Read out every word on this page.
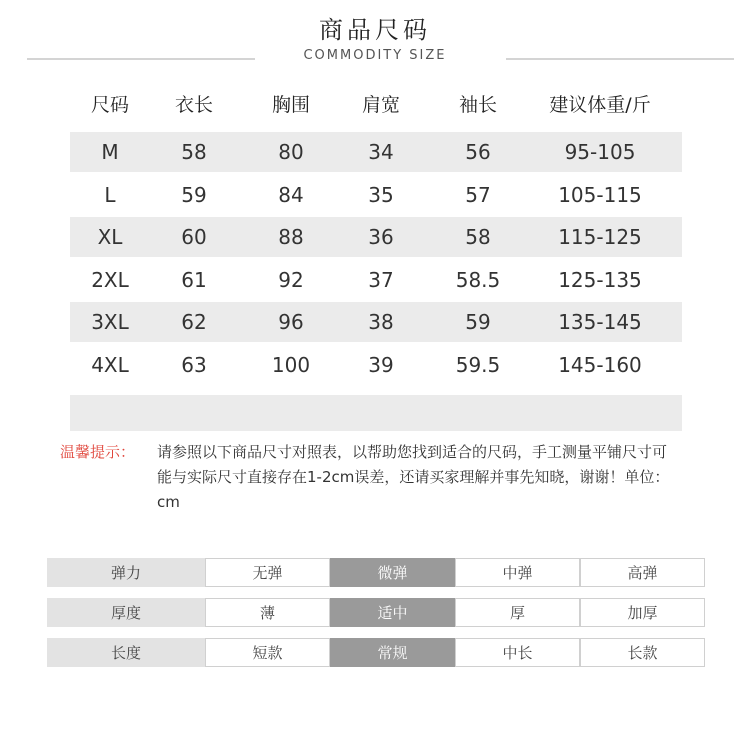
商品尺码
COMMODITY SIZE
尺码	衣长	胸围	肩宽	袖长	建议体重/斤
M	58	80	34	56	95-105
L	59	84	35	57	105-115
XL	60	88	36	58	115-125
2XL	61	92	37	58.5	125-135
3XL	62	96	38	59	135-145
4XL	63	100	39	59.5	145-160
温馨提示： 请参照以下商品尺寸对照表，以帮助您找到适合的尺码，手工测量平铺尺寸可能与实际尺寸直接存在1-2cm误差，还请买家理解并事先知晓，谢谢！单位：cm
弹力	无弹	微弹	中弹	高弹
厚度	薄	适中	厚	加厚
长度	短款	常规	中长	长款
